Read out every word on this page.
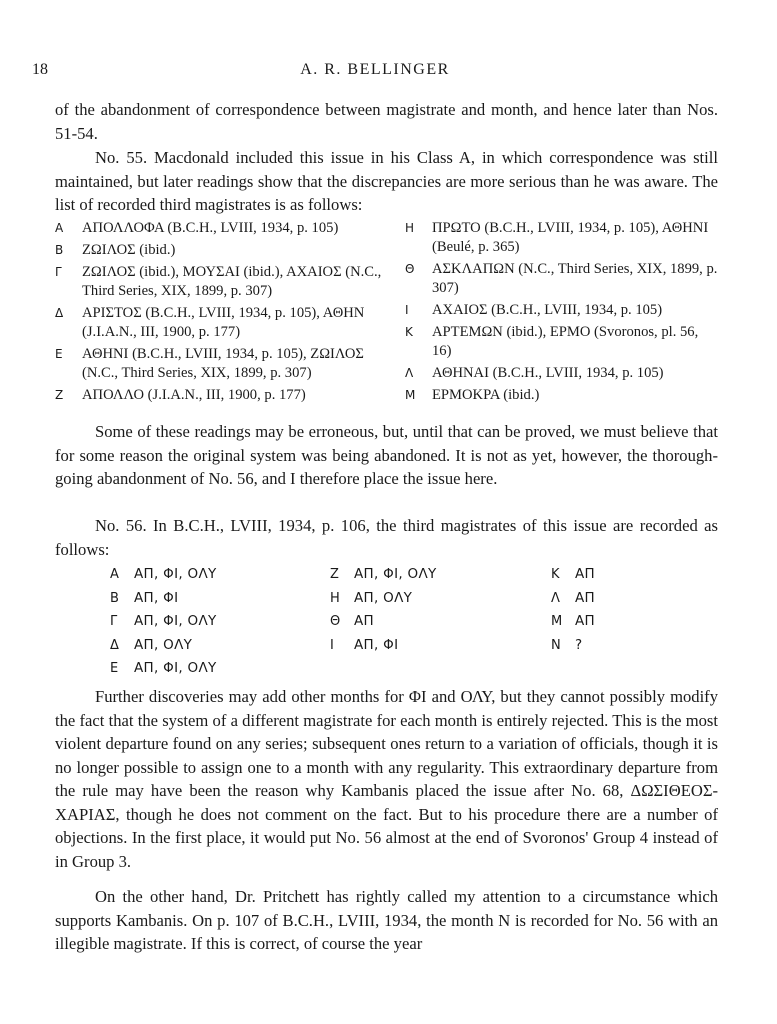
18	A. R. BELLINGER

of the abandonment of correspondence between magistrate and month, and hence later than Nos. 51-54.

No. 55. Macdonald included this issue in his Class A, in which correspondence was still maintained, but later readings show that the discrepancies are more serious than he was aware. The list of recorded third magistrates is as follows:

Α ΑΠΟΛΛΟΦΑ (B.C.H., LVIII, 1934, p. 105)
Β ΖΩΙΛΟΣ (ibid.)
Γ ΖΩΙΛΟΣ (ibid.), ΜΟΥΣΑΙ (ibid.), ΑΧΑΙΟΣ (N.C., Third Series, XIX, 1899, p. 307)
Δ ΑΡΙΣΤΟΣ (B.C.H., LVIII, 1934, p. 105), ΑΘΗΝ (J.I.A.N., III, 1900, p. 177)
Ε ΑΘΗΝΙ (B.C.H., LVIII, 1934, p. 105), ΖΩΙΛΟΣ (N.C., Third Series, XIX, 1899, p. 307)
Ζ ΑΠΟΛΛΟ (J.I.A.N., III, 1900, p. 177)
Η ΠΡΩΤΟ (B.C.H., LVIII, 1934, p. 105), ΑΘΗΝΙ (Beulé, p. 365)
Θ ΑΣΚΛΑΠΩΝ (N.C., Third Series, XIX, 1899, p. 307)
Ι ΑΧΑΙΟΣ (B.C.H., LVIII, 1934, p. 105)
Κ ΑΡΤΕΜΩΝ (ibid.), ΕΡΜΟ (Svoronos, pl. 56, 16)
Λ ΑΘΗΝΑΙ (B.C.H., LVIII, 1934, p. 105)
Μ ΕΡΜΟΚΡΑ (ibid.)

Some of these readings may be erroneous, but, until that can be proved, we must believe that for some reason the original system was being abandoned. It is not as yet, however, the thorough-going abandonment of No. 56, and I therefore place the issue here.

No. 56. In B.C.H., LVIII, 1934, p. 106, the third magistrates of this issue are recorded as follows:

Α ΑΠ, ΦΙ, ΟΛΥ
Β ΑΠ, ΦΙ
Γ ΑΠ, ΦΙ, ΟΛΥ
Δ ΑΠ, ΟΛΥ
Ε ΑΠ, ΦΙ, ΟΛΥ
Ζ ΑΠ, ΦΙ, ΟΛΥ
Η ΑΠ, ΟΛΥ
Θ ΑΠ
Ι ΑΠ, ΦΙ
Κ ΑΠ
Λ ΑΠ
Μ ΑΠ
Ν ?

Further discoveries may add other months for ΦΙ and ΟΛΥ, but they cannot possibly modify the fact that the system of a different magistrate for each month is entirely rejected. This is the most violent departure found on any series; subsequent ones return to a variation of officials, though it is no longer possible to assign one to a month with any regularity. This extraordinary departure from the rule may have been the reason why Kambanis placed the issue after No. 68, ΔΩΣΙΘΕΟΣ-ΧΑΡΙΑΣ, though he does not comment on the fact. But to his procedure there are a number of objections. In the first place, it would put No. 56 almost at the end of Svoronos' Group 4 instead of in Group 3.

On the other hand, Dr. Pritchett has rightly called my attention to a circumstance which supports Kambanis. On p. 107 of B.C.H., LVIII, 1934, the month Ν is recorded for No. 56 with an illegible magistrate. If this is correct, of course the year
